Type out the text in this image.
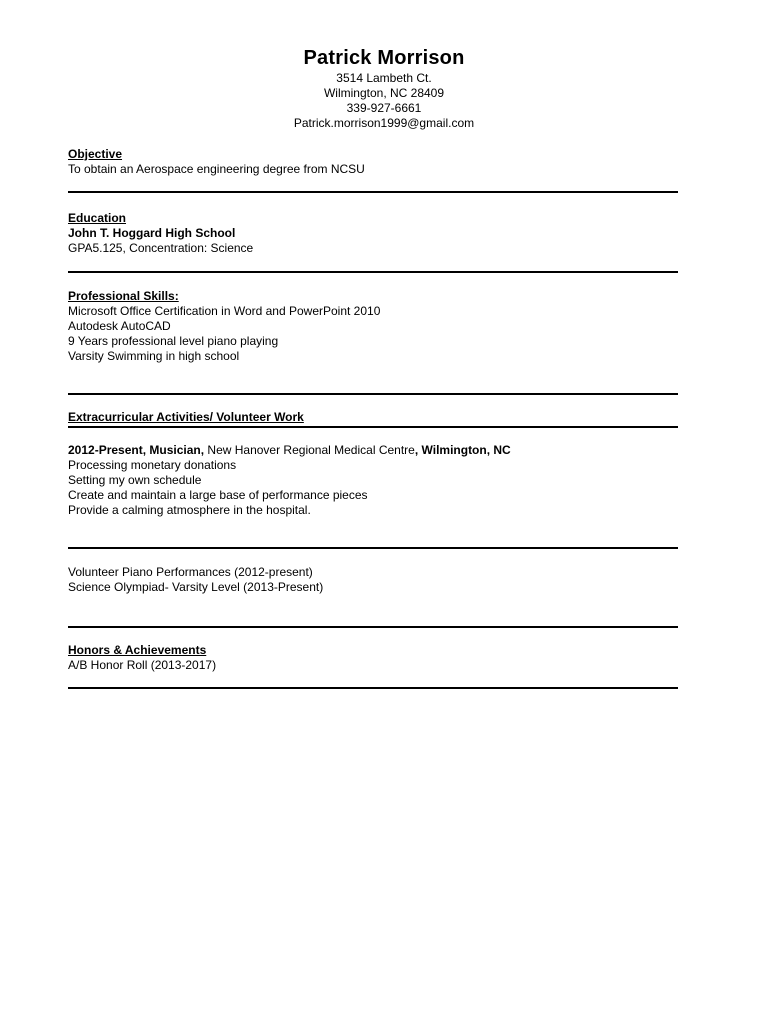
Patrick Morrison
3514 Lambeth Ct.
Wilmington, NC 28409
339-927-6661
Patrick.morrison1999@gmail.com
Objective
To obtain an Aerospace engineering degree from NCSU
Education
John T. Hoggard High School
GPA5.125, Concentration: Science
Professional Skills:
Microsoft Office Certification in Word and PowerPoint 2010
Autodesk AutoCAD
9 Years professional level piano playing
Varsity Swimming in high school
Extracurricular Activities/ Volunteer Work
2012-Present, Musician, New Hanover Regional Medical Centre, Wilmington, NC
Processing monetary donations
Setting my own schedule
Create and maintain a large base of performance pieces
Provide a calming atmosphere in the hospital.
Volunteer Piano Performances (2012-present)
Science Olympiad- Varsity Level (2013-Present)
Honors & Achievements
A/B Honor Roll (2013-2017)
